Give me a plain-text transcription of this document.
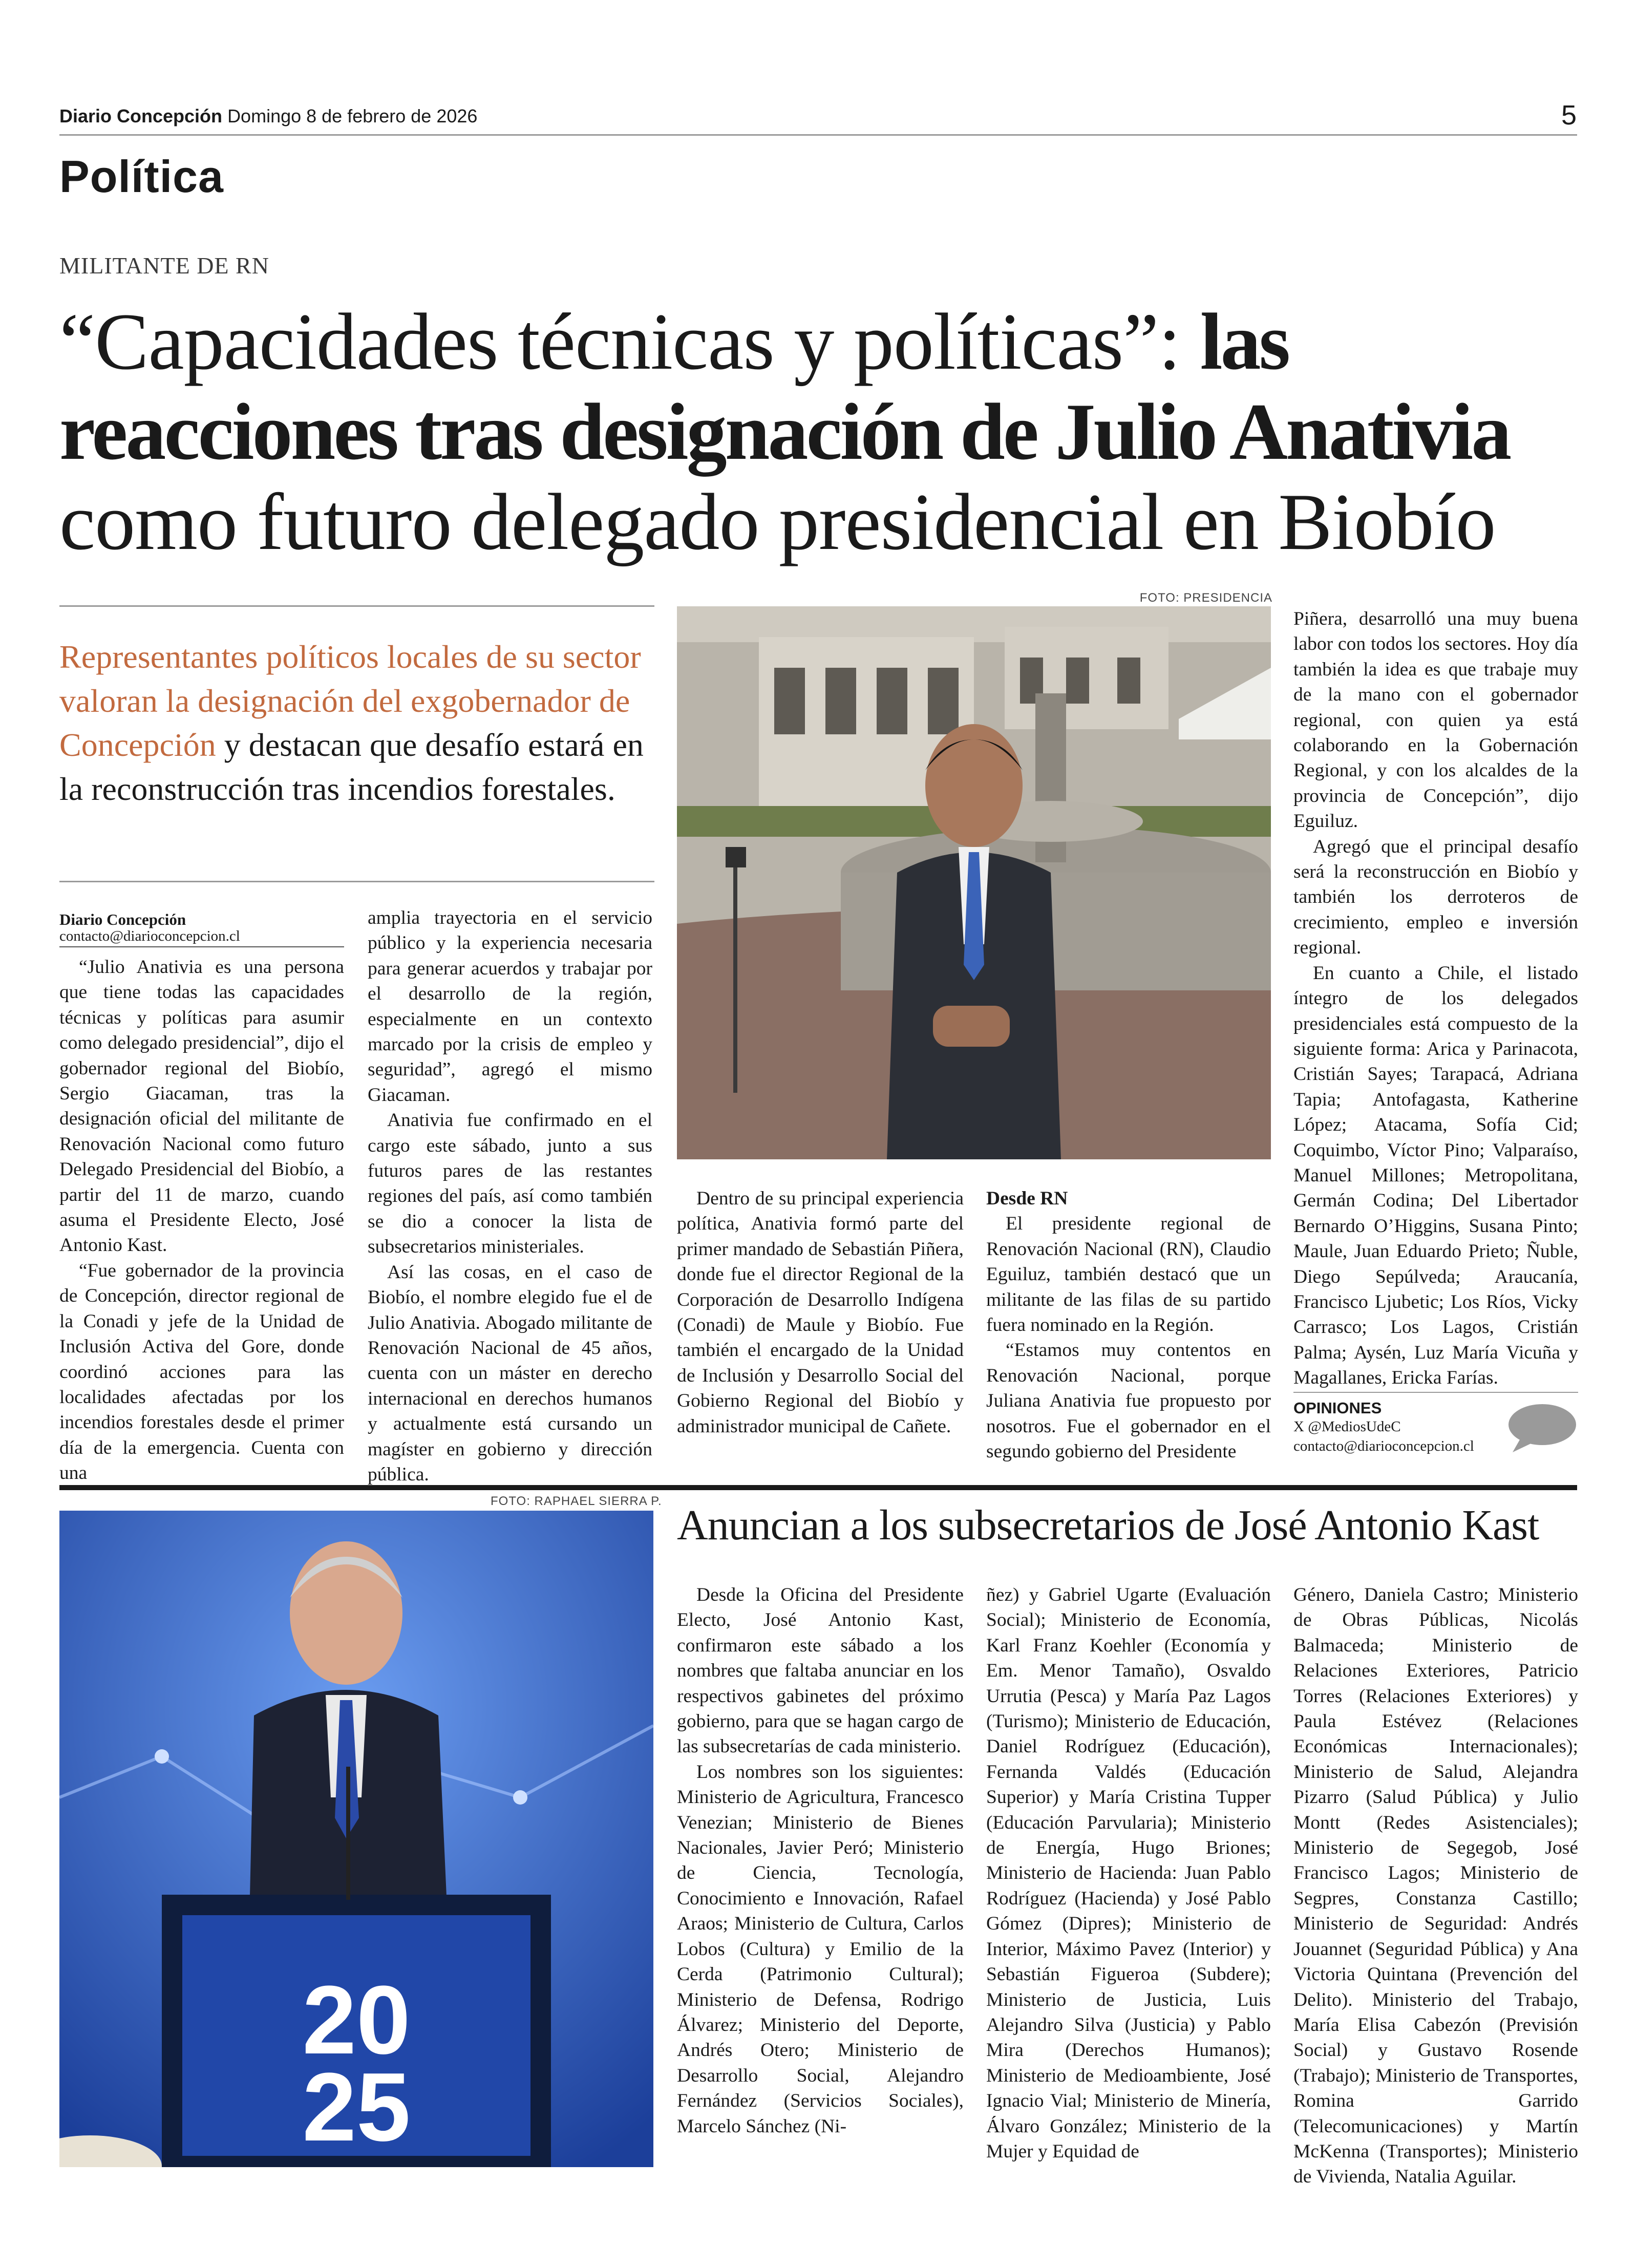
Diario Concepción Domingo 8 de febrero de 2026	5
Política
MILITANTE DE RN
“Capacidades técnicas y políticas”: las
reacciones tras designación de Julio Anativia
como futuro delegado presidencial en Biobío
Representantes políticos locales de su sector valoran la designación del exgobernador de Concepción y destacan que desafío estará en la reconstrucción tras incendios forestales.
Diario Concepción
contacto@diarioconcepcion.cl

“Julio Anativia es una persona que tiene todas las capacidades técnicas y políticas para asumir como delegado presidencial”, dijo el gobernador regional del Biobío, Sergio Giacaman, tras la designación oficial del militante de Renovación Nacional como futuro Delegado Presidencial del Biobío, a partir del 11 de marzo, cuando asuma el Presidente Electo, José Antonio Kast.

“Fue gobernador de la provincia de Concepción, director regional de la Conadi y jefe de la Unidad de Inclusión Activa del Gore, donde coordinó acciones para las localidades afectadas por los incendios forestales desde el primer día de la emergencia. Cuenta con una

amplia trayectoria en el servicio público y la experiencia necesaria para generar acuerdos y trabajar por el desarrollo de la región, especialmente en un contexto marcado por la crisis de empleo y seguridad”, agregó el mismo Giacaman.

Anativia fue confirmado en el cargo este sábado, junto a sus futuros pares de las restantes regiones del país, así como también se dio a conocer la lista de subsecretarios ministeriales.

Así las cosas, en el caso de Biobío, el nombre elegido fue el de Julio Anativia. Abogado militante de Renovación Nacional de 45 años, cuenta con un máster en derecho internacional en derechos humanos y actualmente está cursando un magíster en gobierno y dirección pública.

FOTO: PRESIDENCIA

Dentro de su principal experiencia política, Anativia formó parte del primer mandado de Sebastián Piñera, donde fue el director Regional de la Corporación de Desarrollo Indígena (Conadi) de Maule y Biobío. Fue también el encargado de la Unidad de Inclusión y Desarrollo Social del Gobierno Regional del Biobío y administrador municipal de Cañete.

Desde RN

El presidente regional de Renovación Nacional (RN), Claudio Eguiluz, también destacó que un militante de las filas de su partido fuera nominado en la Región.

“Estamos muy contentos en Renovación Nacional, porque Juliana Anativia fue propuesto por nosotros. Fue el gobernador en el segundo gobierno del Presidente

Piñera, desarrolló una muy buena labor con todos los sectores. Hoy día también la idea es que trabaje muy de la mano con el gobernador regional, con quien ya está colaborando en la Gobernación Regional, y con los alcaldes de la provincia de Concepción”, dijo Eguiluz.

Agregó que el principal desafío será la reconstrucción en Biobío y también los derroteros de crecimiento, empleo e inversión regional.

En cuanto a Chile, el listado íntegro de los delegados presidenciales está compuesto de la siguiente forma: Arica y Parinacota, Cristián Sayes; Tarapacá, Adriana Tapia; Antofagasta, Katherine López; Atacama, Sofía Cid; Coquimbo, Víctor Pino; Valparaíso, Manuel Millones; Metropolitana, Germán Codina; Del Libertador Bernardo O’Higgins, Susana Pinto; Maule, Juan Eduardo Prieto; Ñuble, Diego Sepúlveda; Araucanía, Francisco Ljubetic; Los Ríos, Vicky Carrasco; Los Lagos, Cristián Palma; Aysén, Luz María Vicuña y Magallanes, Ericka Farías.

OPINIONES
X @MediosUdeC
contacto@diarioconcepcion.cl
FOTO: RAPHAEL SIERRA P.
20
25
Anuncian a los subsecretarios de José Antonio Kast

Desde la Oficina del Presidente Electo, José Antonio Kast, confirmaron este sábado a los nombres que faltaba anunciar en los respectivos gabinetes del próximo gobierno, para que se hagan cargo de las subsecretarías de cada ministerio.

Los nombres son los siguientes: Ministerio de Agricultura, Francesco Venezian; Ministerio de Bienes Nacionales, Javier Peró; Ministerio de Ciencia, Tecnología, Conocimiento e Innovación, Rafael Araos; Ministerio de Cultura, Carlos Lobos (Cultura) y Emilio de la Cerda (Patrimonio Cultural); Ministerio de Defensa, Rodrigo Álvarez; Ministerio del Deporte, Andrés Otero; Ministerio de Desarrollo Social, Alejandro Fernández (Servicios Sociales), Marcelo Sánchez (Ni-

ñez) y Gabriel Ugarte (Evaluación Social); Ministerio de Economía, Karl Franz Koehler (Economía y Em. Menor Tamaño), Osvaldo Urrutia (Pesca) y María Paz Lagos (Turismo); Ministerio de Educación, Daniel Rodríguez (Educación), Fernanda Valdés (Educación Superior) y María Cristina Tupper (Educación Parvularia); Ministerio de Energía, Hugo Briones; Ministerio de Hacienda: Juan Pablo Rodríguez (Hacienda) y José Pablo Gómez (Dipres); Ministerio de Interior, Máximo Pavez (Interior) y Sebastián Figueroa (Subdere); Ministerio de Justicia, Luis Alejandro Silva (Justicia) y Pablo Mira (Derechos Humanos); Ministerio de Medioambiente, José Ignacio Vial; Ministerio de Minería, Álvaro González; Ministerio de la Mujer y Equidad de

Género, Daniela Castro; Ministerio de Obras Públicas, Nicolás Balmaceda; Ministerio de Relaciones Exteriores, Patricio Torres (Relaciones Exteriores) y Paula Estévez (Relaciones Económicas Internacionales); Ministerio de Salud, Alejandra Pizarro (Salud Pública) y Julio Montt (Redes Asistenciales); Ministerio de Segegob, José Francisco Lagos; Ministerio de Segpres, Constanza Castillo; Ministerio de Seguridad: Andrés Jouannet (Seguridad Pública) y Ana Victoria Quintana (Prevención del Delito). Ministerio del Trabajo, María Elisa Cabezón (Previsión Social) y Gustavo Rosende (Trabajo); Ministerio de Transportes, Romina Garrido (Telecomunicaciones) y Martín McKenna (Transportes); Ministerio de Vivienda, Natalia Aguilar.
